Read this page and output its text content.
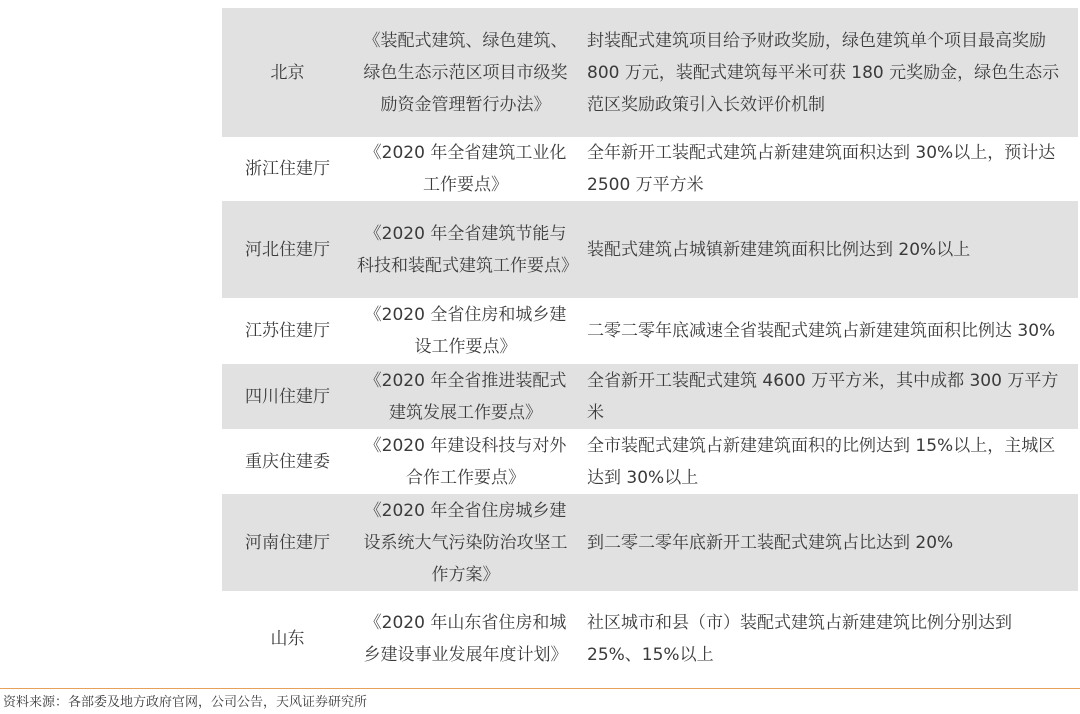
北京
《装配式建筑、绿色建筑、绿色生态示范区项目市级奖励资金管理暂行办法》
封装配式建筑项目给予财政奖励，绿色建筑单个项目最高奖励 800 万元，装配式建筑每平米可获 180 元奖励金，绿色生态示范区奖励政策引入长效评价机制
浙江住建厅
《2020 年全省建筑工业化工作要点》
全年新开工装配式建筑占新建建筑面积达到 30%以上，预计达 2500 万平方米
河北住建厅
《2020 年全省建筑节能与科技和装配式建筑工作要点》
装配式建筑占城镇新建建筑面积比例达到 20%以上
江苏住建厅
《2020 全省住房和城乡建设工作要点》
二零二零年底减速全省装配式建筑占新建建筑面积比例达 30%
四川住建厅
《2020 年全省推进装配式建筑发展工作要点》
全省新开工装配式建筑 4600 万平方米，其中成都 300 万平方米
重庆住建委
《2020 年建设科技与对外合作工作要点》
全市装配式建筑占新建建筑面积的比例达到 15%以上，主城区达到 30%以上
河南住建厅
《2020 年全省住房城乡建设系统大气污染防治攻坚工作方案》
到二零二零年底新开工装配式建筑占比达到 20%
山东
《2020 年山东省住房和城乡建设事业发展年度计划》
社区城市和县（市）装配式建筑占新建建筑比例分别达到 25%、15%以上
资料来源：各部委及地方政府官网，公司公告，天风证券研究所
